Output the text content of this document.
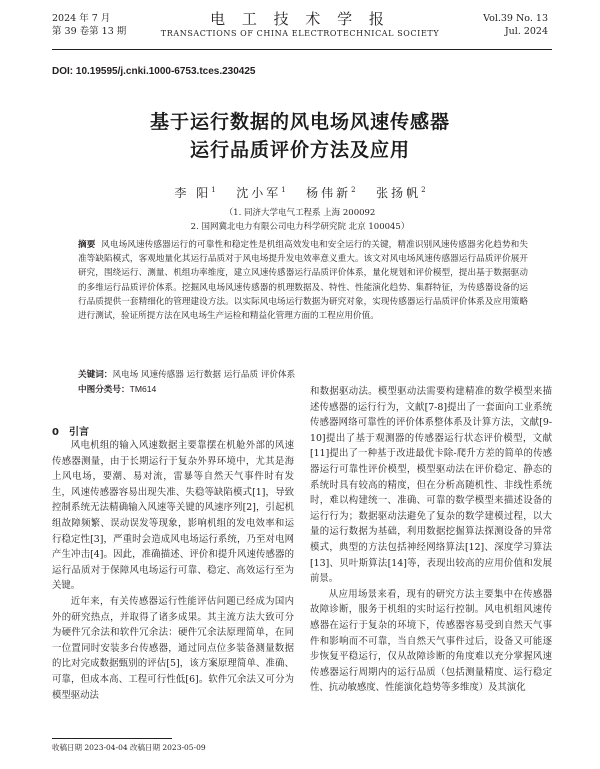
2024 年 7 月
第 39 卷第 13 期
电 工 技 术 学 报
TRANSACTIONS OF CHINA ELECTROTECHNICAL SOCIETY
Vol.39 No. 13
Jul. 2024
DOI: 10.19595/j.cnki.1000-6753.tces.230425
基于运行数据的风电场风速传感器
运行品质评价方法及应用
李 阳$^1$ 沈小军$^1$ 杨伟新$^2$ 张扬帆$^2$
（1. 同济大学电气工程系 上海 200092
2. 国网冀北电力有限公司电力科学研究院 北京 100045）
摘要 风电场风速传感器运行的可靠性和稳定性是机组高效发电和安全运行的关键，精准识别风速传感器劣化趋势和失准等缺陷模式，客观地量化其运行品质对于风电场提升发电效率意义重大。该文对风电场风速传感器运行品质评价展开研究，围绕运行、测量、机组功率维度，建立风速传感器运行品质评价体系，量化规划和评价模型，提出基于数据驱动的多维运行品质评价体系。挖掘风电场风速传感器的机理数据及、特性、性能演化趋势、集群特征，为传感器设备的运行品质提供一套精细化的管理建设方法。以实际风电场运行数据为研究对象，实现传感器运行品质评价体系及应用策略进行测试，验证所提方法在风电场生产运检和精益化管理方面的工程应用价值。
关键词：风电场 风速传感器 运行数据 运行品质 评价体系
中图分类号：TM614
0 引言

风电机组的输入风速数据主要靠摆在机舱外部的风速传感器测量，由于长期运行于复杂外界环境中，尤其是海上风电场，要潮、易对流，雷暴等自然天气事件时有发生，风速传感器容易出现失准、失稳等缺陷模式[1]，导致控制系统无法精确输入风速等关键的风速序列[2]，引起机组故障频繁、误动误发等现象，影响机组的发电效率和运行稳定性[3]，严重时会造成风电场运行系统，乃至对电网产生冲击[4]。因此，准确描述、评价和提升风速传感器的运行品质对于保障风电场运行可靠、稳定、高效运行至为关键。

近年来，有关传感器运行性能评估问题已经成为国内外的研究热点，并取得了诸多成果。其主流方法大致可分为硬件冗余法和软件冗余法：硬件冗余法原理简单，在同一位置同时安装多台传感器，通过同点位多装备测量数据的比对完成数据甄别的评估[5]，该方案原理简单、准确、可靠，但成本高、工程可行性低[6]。软件冗余法又可分为模型驱动法

和数据驱动法。模型驱动法需要构建精准的数学模型来描述传感器的运行行为，文献[7-8]提出了一套面向工业系统传感器网络可靠性的评价体系整体系及计算方法，文献[9-10]提出了基于观测器的传感器运行状态评价模型，文献[11]提出了一种基于改进最优卡除-爬升方差的简单的传感器运行可靠性评价模型，模型驱动法在评价稳定、静态的系统时具有较高的精度，但在分析高随机性、非线性系统时，难以构建统一、准确、可靠的数学模型来描述设备的运行行为；数据驱动法避免了复杂的数学建模过程，以大量的运行数据为基础，利用数据挖掘算法探测设备的异常模式，典型的方法包括神经网络算法[12]、深度学习算法[13]、贝叶斯算法[14]等，表现出较高的应用价值和发展前景。

从应用场景来看，现有的研究方法主要集中在传感器故障诊断，服务于机组的实时运行控制。风电机组风速传感器在运行于复杂的环境下，传感器容易受到自然天气事件和影响而不可靠，当自然天气事件过后，设备又可能逐步恢复平稳运行，仅从故障诊断的角度难以充分掌握风速传感器运行周期内的运行品质（包括测量精度、运行稳定性、抗动敏感度、性能演化趋势等多维度）及其演化

收稿日期 2023-04-04 改稿日期 2023-05-09
